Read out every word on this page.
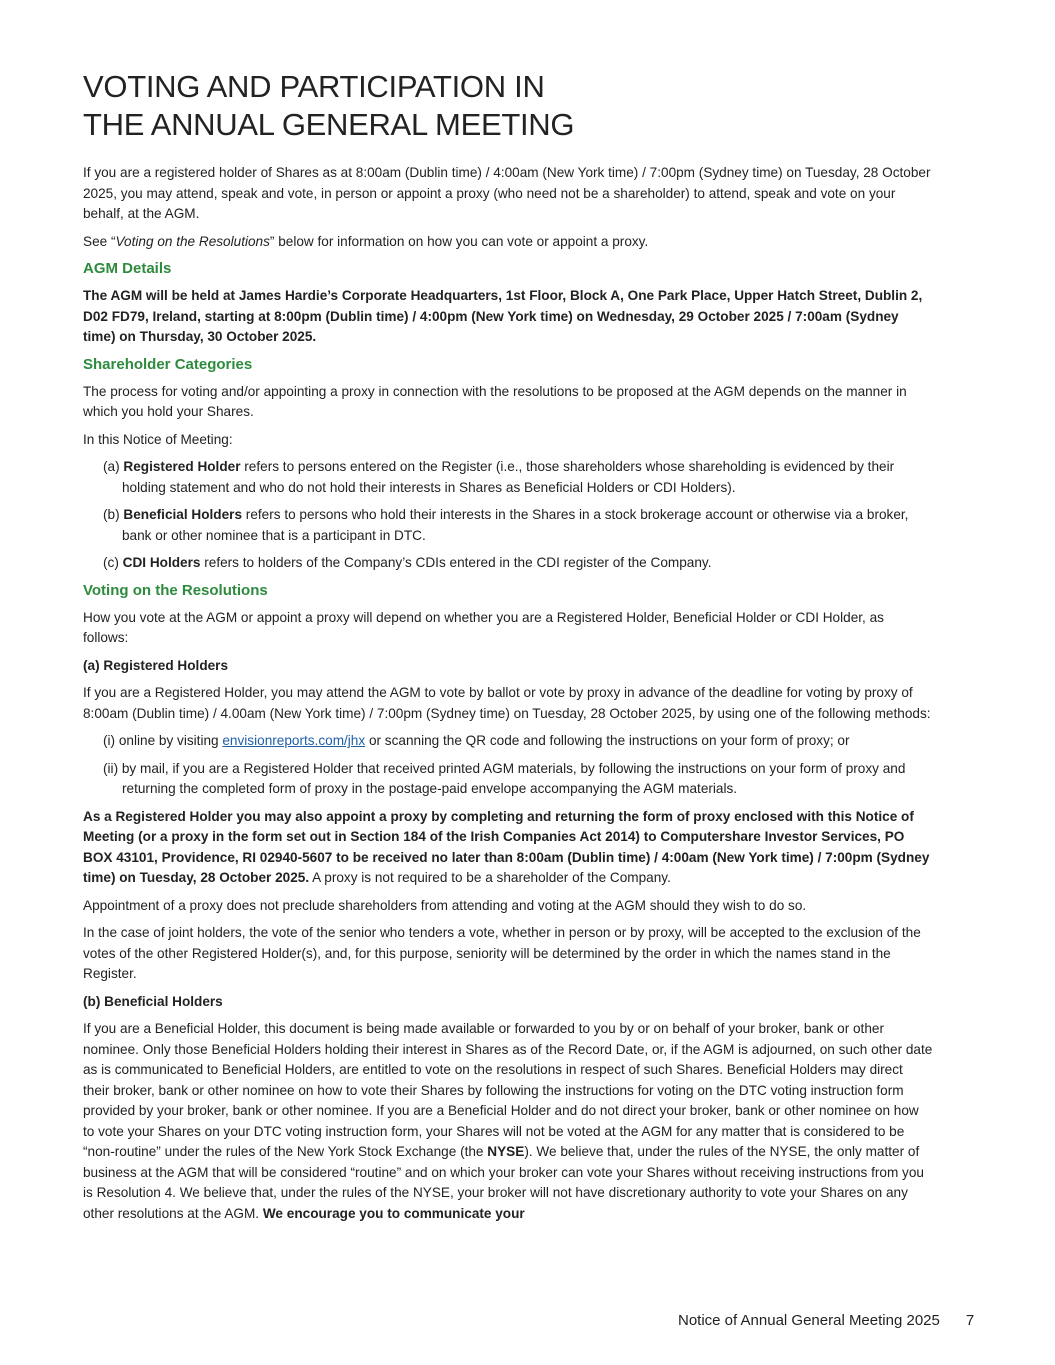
VOTING AND PARTICIPATION IN
THE ANNUAL GENERAL MEETING

If you are a registered holder of Shares as at 8:00am (Dublin time) / 4:00am (New York time) / 7:00pm (Sydney time) on Tuesday, 28 October 2025, you may attend, speak and vote, in person or appoint a proxy (who need not be a shareholder) to attend, speak and vote on your behalf, at the AGM.

See “Voting on the Resolutions” below for information on how you can vote or appoint a proxy.

AGM Details

The AGM will be held at James Hardie’s Corporate Headquarters, 1st Floor, Block A, One Park Place, Upper Hatch Street, Dublin 2, D02 FD79, Ireland, starting at 8:00pm (Dublin time) / 4:00pm (New York time) on Wednesday, 29 October 2025 / 7:00am (Sydney time) on Thursday, 30 October 2025.

Shareholder Categories

The process for voting and/or appointing a proxy in connection with the resolutions to be proposed at the AGM depends on the manner in which you hold your Shares.

In this Notice of Meeting:

(a) Registered Holder refers to persons entered on the Register (i.e., those shareholders whose shareholding is evidenced by their holding statement and who do not hold their interests in Shares as Beneficial Holders or CDI Holders).
(b) Beneficial Holders refers to persons who hold their interests in the Shares in a stock brokerage account or otherwise via a broker, bank or other nominee that is a participant in DTC.
(c) CDI Holders refers to holders of the Company’s CDIs entered in the CDI register of the Company.
Voting on the Resolutions

How you vote at the AGM or appoint a proxy will depend on whether you are a Registered Holder, Beneficial Holder or CDI Holder, as follows:

(a) Registered Holders

If you are a Registered Holder, you may attend the AGM to vote by ballot or vote by proxy in advance of the deadline for voting by proxy of 8:00am (Dublin time) / 4.00am (New York time) / 7:00pm (Sydney time) on Tuesday, 28 October 2025, by using one of the following methods:

(i) online by visiting envisionreports.com/jhx or scanning the QR code and following the instructions on your form of proxy; or
(ii) by mail, if you are a Registered Holder that received printed AGM materials, by following the instructions on your form of proxy and returning the completed form of proxy in the postage-paid envelope accompanying the AGM materials.

As a Registered Holder you may also appoint a proxy by completing and returning the form of proxy enclosed with this Notice of Meeting (or a proxy in the form set out in Section 184 of the Irish Companies Act 2014) to Computershare Investor Services, PO BOX 43101, Providence, RI 02940-5607 to be received no later than 8:00am (Dublin time) / 4:00am (New York time) / 7:00pm (Sydney time) on Tuesday, 28 October 2025. A proxy is not required to be a shareholder of the Company.

Appointment of a proxy does not preclude shareholders from attending and voting at the AGM should they wish to do so.

In the case of joint holders, the vote of the senior who tenders a vote, whether in person or by proxy, will be accepted to the exclusion of the votes of the other Registered Holder(s), and, for this purpose, seniority will be determined by the order in which the names stand in the Register.

(b) Beneficial Holders

If you are a Beneficial Holder, this document is being made available or forwarded to you by or on behalf of your broker, bank or other nominee. Only those Beneficial Holders holding their interest in Shares as of the Record Date, or, if the AGM is adjourned, on such other date as is communicated to Beneficial Holders, are entitled to vote on the resolutions in respect of such Shares. Beneficial Holders may direct their broker, bank or other nominee on how to vote their Shares by following the instructions for voting on the DTC voting instruction form provided by your broker, bank or other nominee. If you are a Beneficial Holder and do not direct your broker, bank or other nominee on how to vote your Shares on your DTC voting instruction form, your Shares will not be voted at the AGM for any matter that is considered to be “non-routine” under the rules of the New York Stock Exchange (the NYSE). We believe that, under the rules of the NYSE, the only matter of business at the AGM that will be considered “routine” and on which your broker can vote your Shares without receiving instructions from you is Resolution 4. We believe that, under the rules of the NYSE, your broker will not have discretionary authority to vote your Shares on any other resolutions at the AGM. We encourage you to communicate your

Notice of Annual General Meeting 2025 7
